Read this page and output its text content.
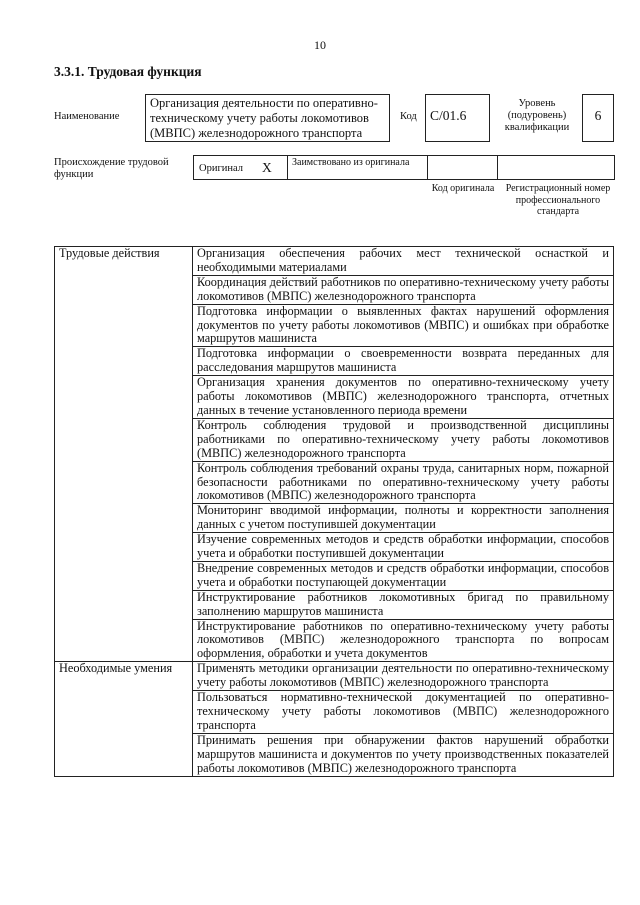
10
3.3.1. Трудовая функция
Наименование
Организация деятельности по оперативно-техническому учету работы локомотивов (МВПС) железнодорожного транспорта
Код C/01.6
Уровень (подуровень) квалификации
6
Происхождение трудовой функции
Оригинал X Заимствовано из оригинала
Код оригинала	Регистрационный номер профессионального стандарта
Трудовые действия	Организация обеспечения рабочих мест технической оснасткой и необходимыми материалами
	Координация действий работников по оперативно-техническому учету работы локомотивов (МВПС) железнодорожного транспорта
	Подготовка информации о выявленных фактах нарушений оформления документов по учету работы локомотивов (МВПС) и ошибках при обработке маршрутов машиниста
	Подготовка информации о своевременности возврата переданных для расследования маршрутов машиниста
	Организация хранения документов по оперативно-техническому учету работы локомотивов (МВПС) железнодорожного транспорта, отчетных данных в течение установленного периода времени
	Контроль соблюдения трудовой и производственной дисциплины работниками по оперативно-техническому учету работы локомотивов (МВПС) железнодорожного транспорта
	Контроль соблюдения требований охраны труда, санитарных норм, пожарной безопасности работниками по оперативно-техническому учету работы локомотивов (МВПС) железнодорожного транспорта
	Мониторинг вводимой информации, полноты и корректности заполнения данных с учетом поступившей документации
	Изучение современных методов и средств обработки информации, способов учета и обработки поступившей документации
	Внедрение современных методов и средств обработки информации, способов учета и обработки поступающей документации
	Инструктирование работников локомотивных бригад по правильному заполнению маршрутов машиниста
	Инструктирование работников по оперативно-техническому учету работы локомотивов (МВПС) железнодорожного транспорта по вопросам оформления, обработки и учета документов
Необходимые умения	Применять методики организации деятельности по оперативно-техническому учету работы локомотивов (МВПС) железнодорожного транспорта
	Пользоваться нормативно-технической документацией по оперативно-техническому учету работы локомотивов (МВПС) железнодорожного транспорта
	Принимать решения при обнаружении фактов нарушений обработки маршрутов машиниста и документов по учету производственных показателей работы локомотивов (МВПС) железнодорожного транспорта
